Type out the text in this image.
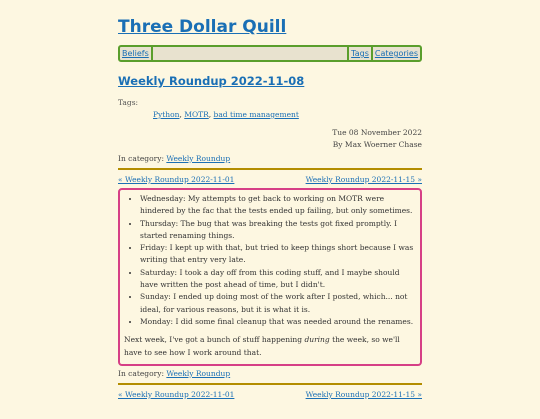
Three Dollar Quill
Beliefs	Tags Categories
Weekly Roundup 2022-11-08
Tags:
Python, MOTR, bad time management
Tue 08 November 2022
By Max Woerner Chase
In category: Weekly Roundup
« Weekly Roundup 2022-11-01	Weekly Roundup 2022-11-15 »
• Wednesday: My attempts to get back to working on MOTR were hindered by the fac that the tests ended up failing, but only sometimes.
• Thursday: The bug that was breaking the tests got fixed promptly. I started renaming things.
• Friday: I kept up with that, but tried to keep things short because I was writing that entry very late.
• Saturday: I took a day off from this coding stuff, and I maybe should have written the post ahead of time, but I didn't.
• Sunday: I ended up doing most of the work after I posted, which... not ideal, for various reasons, but it is what it is.
• Monday: I did some final cleanup that was needed around the renames.

Next week, I've got a bunch of stuff happening during the week, so we'll have to see how I work around that.

In category: Weekly Roundup
« Weekly Roundup 2022-11-01	Weekly Roundup 2022-11-15 »
